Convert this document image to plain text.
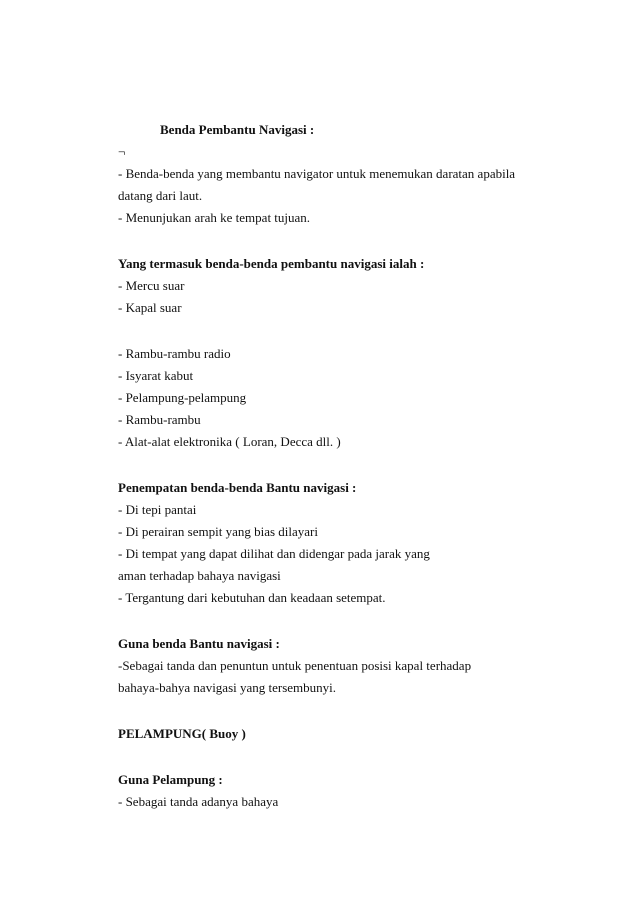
Benda Pembantu Navigasi :
¬
- Benda-benda yang membantu navigator untuk menemukan daratan apabila
datang dari laut.
- Menunjukan arah ke tempat tujuan.
Yang termasuk benda-benda pembantu navigasi ialah :
- Mercu suar
- Kapal suar
- Rambu-rambu radio
- Isyarat kabut
- Pelampung-pelampung
- Rambu-rambu
- Alat-alat elektronika ( Loran, Decca dll. )
Penempatan benda-benda Bantu navigasi :
- Di tepi pantai
- Di perairan sempit yang bias dilayari
- Di tempat yang dapat dilihat dan didengar pada jarak yang
aman terhadap bahaya navigasi
- Tergantung dari kebutuhan dan keadaan setempat.
Guna benda Bantu navigasi :
-Sebagai tanda dan penuntun untuk penentuan posisi kapal terhadap
bahaya-bahya navigasi yang tersembunyi.
PELAMPUNG( Buoy )
Guna Pelampung :
- Sebagai tanda adanya bahaya
